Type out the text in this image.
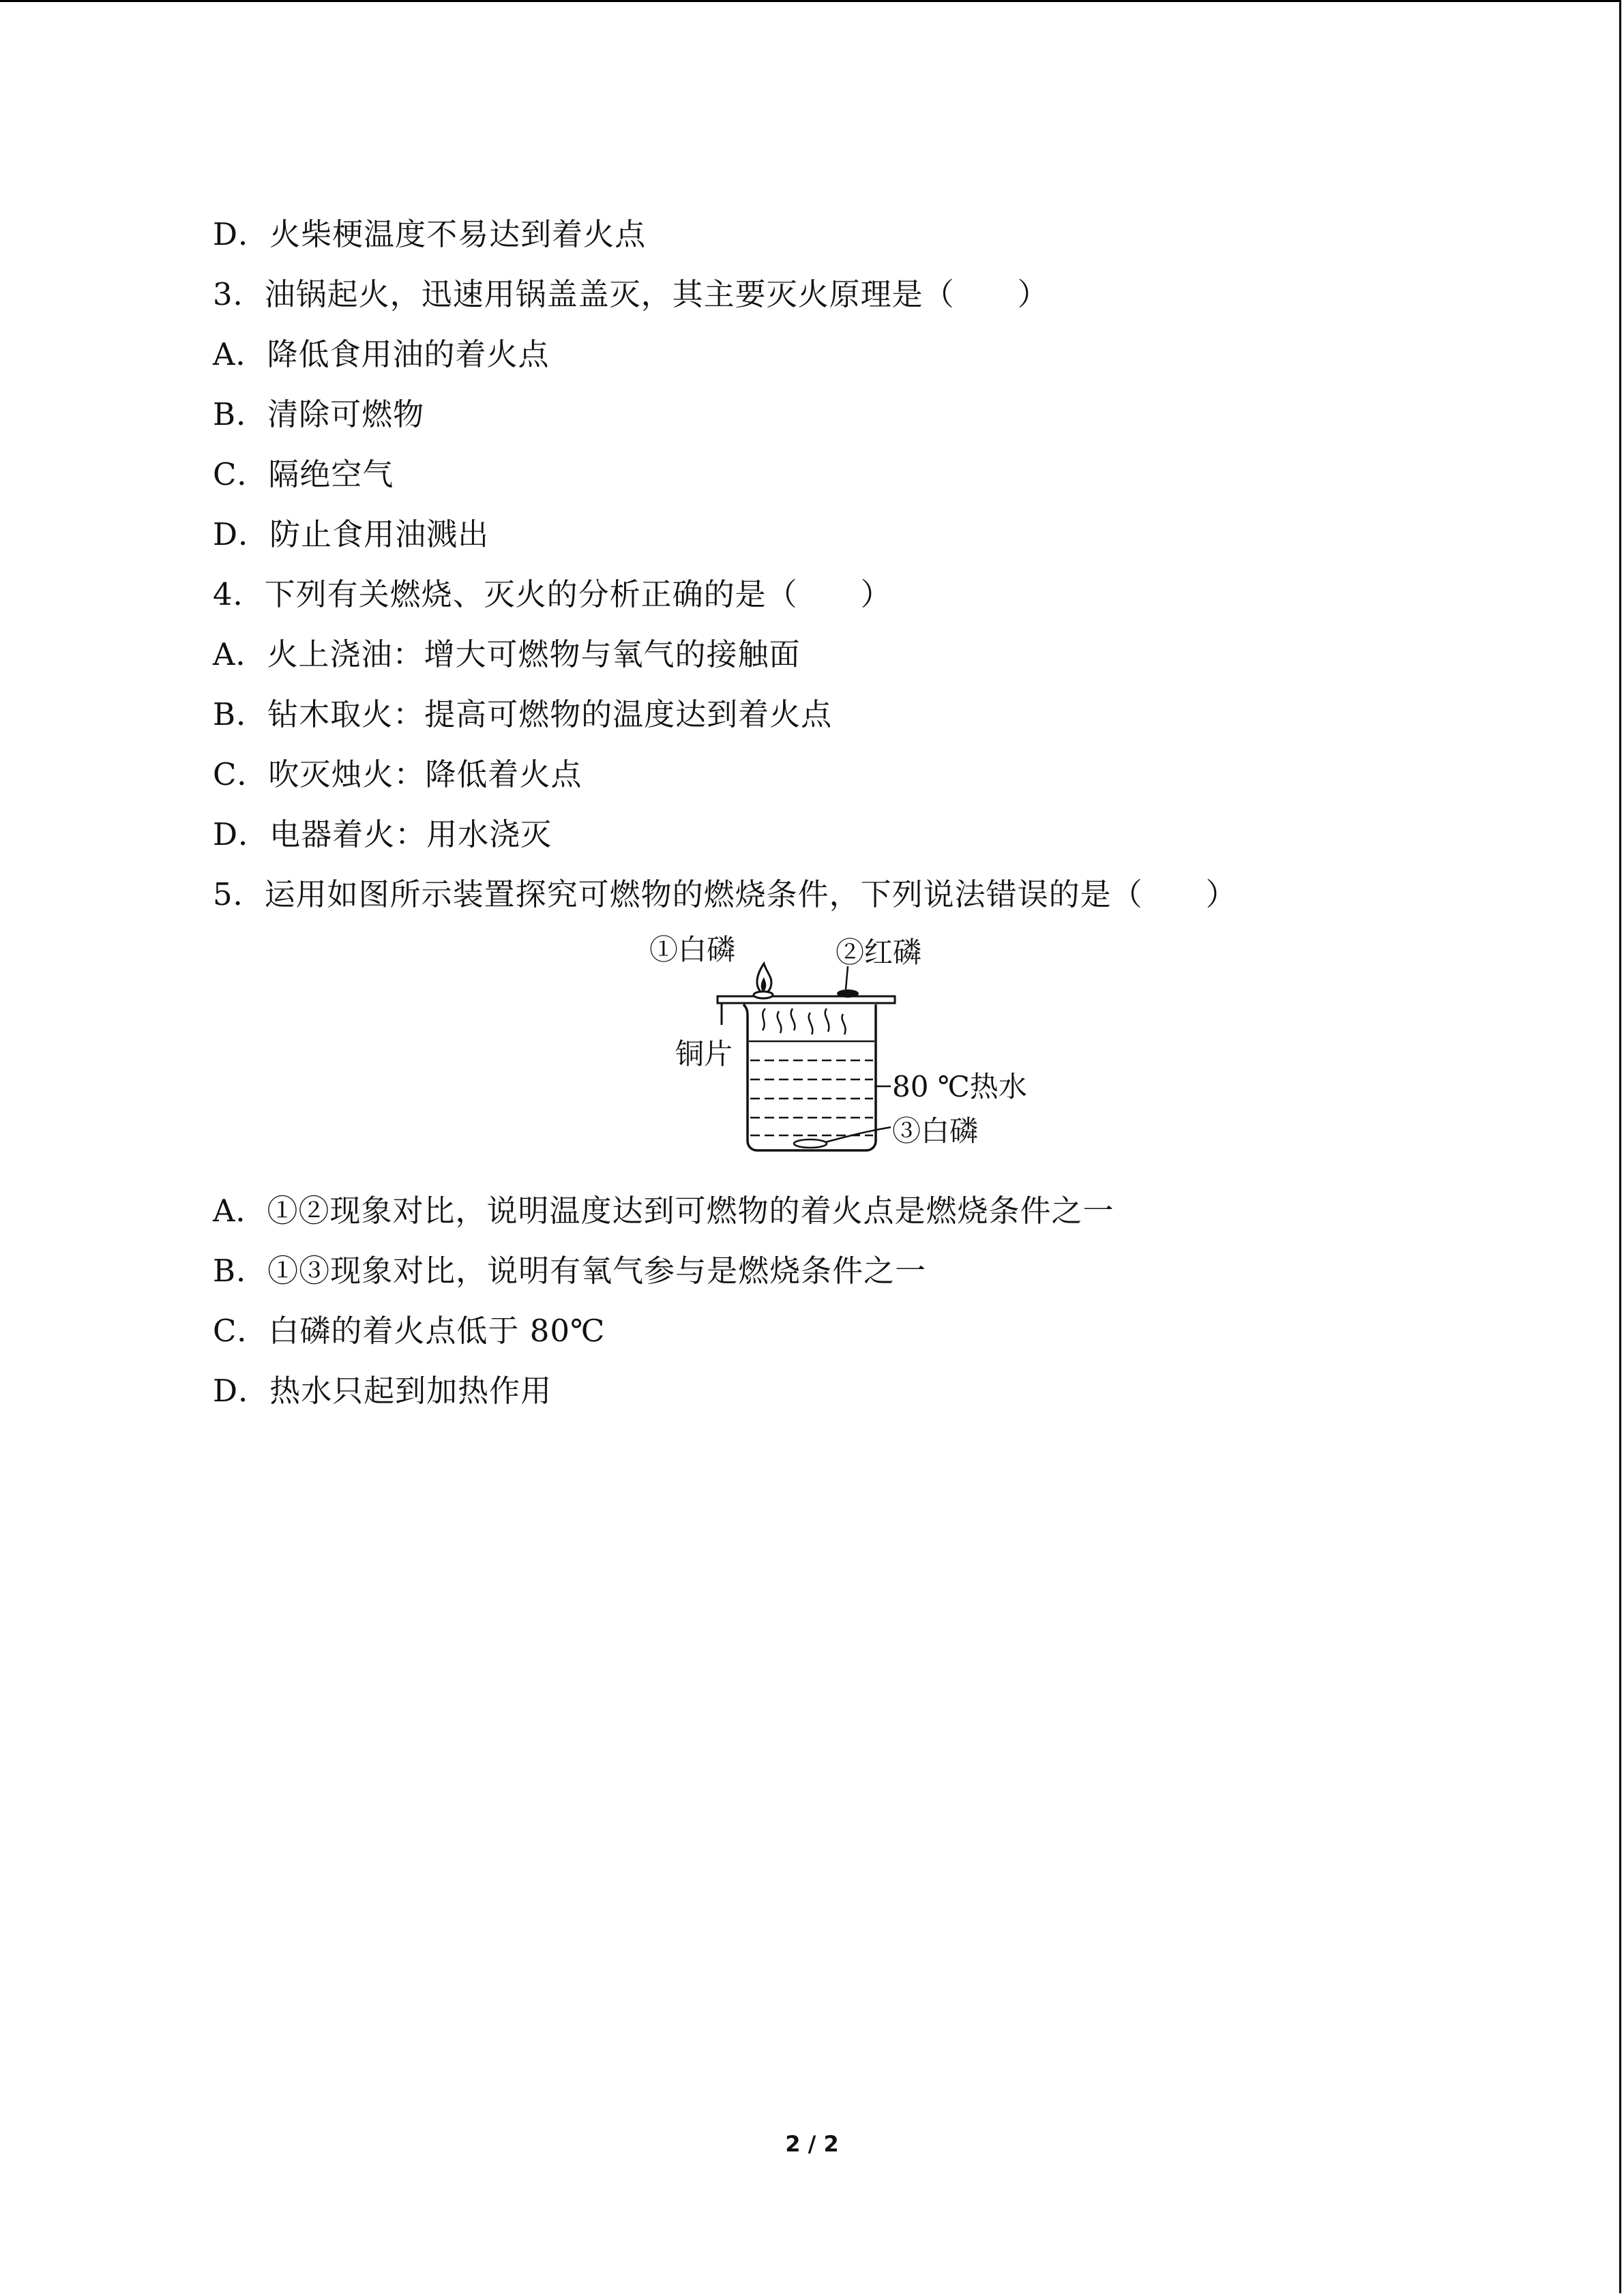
D．火柴梗温度不易达到着火点
3．油锅起火，迅速用锅盖盖灭，其主要灭火原理是（　　）
A．降低食用油的着火点
B．清除可燃物
C．隔绝空气
D．防止食用油溅出
4．下列有关燃烧、灭火的分析正确的是（　　）
A．火上浇油：增大可燃物与氧气的接触面
B．钻木取火：提高可燃物的温度达到着火点
C．吹灭烛火：降低着火点
D．电器着火：用水浇灭
5．运用如图所示装置探究可燃物的燃烧条件，下列说法错误的是（　　）
①白磷	②红磷
铜片
80 ℃热水
③白磷
A．①②现象对比，说明温度达到可燃物的着火点是燃烧条件之一
B．①③现象对比，说明有氧气参与是燃烧条件之一
C．白磷的着火点低于 80℃
D．热水只起到加热作用
2 / 2
